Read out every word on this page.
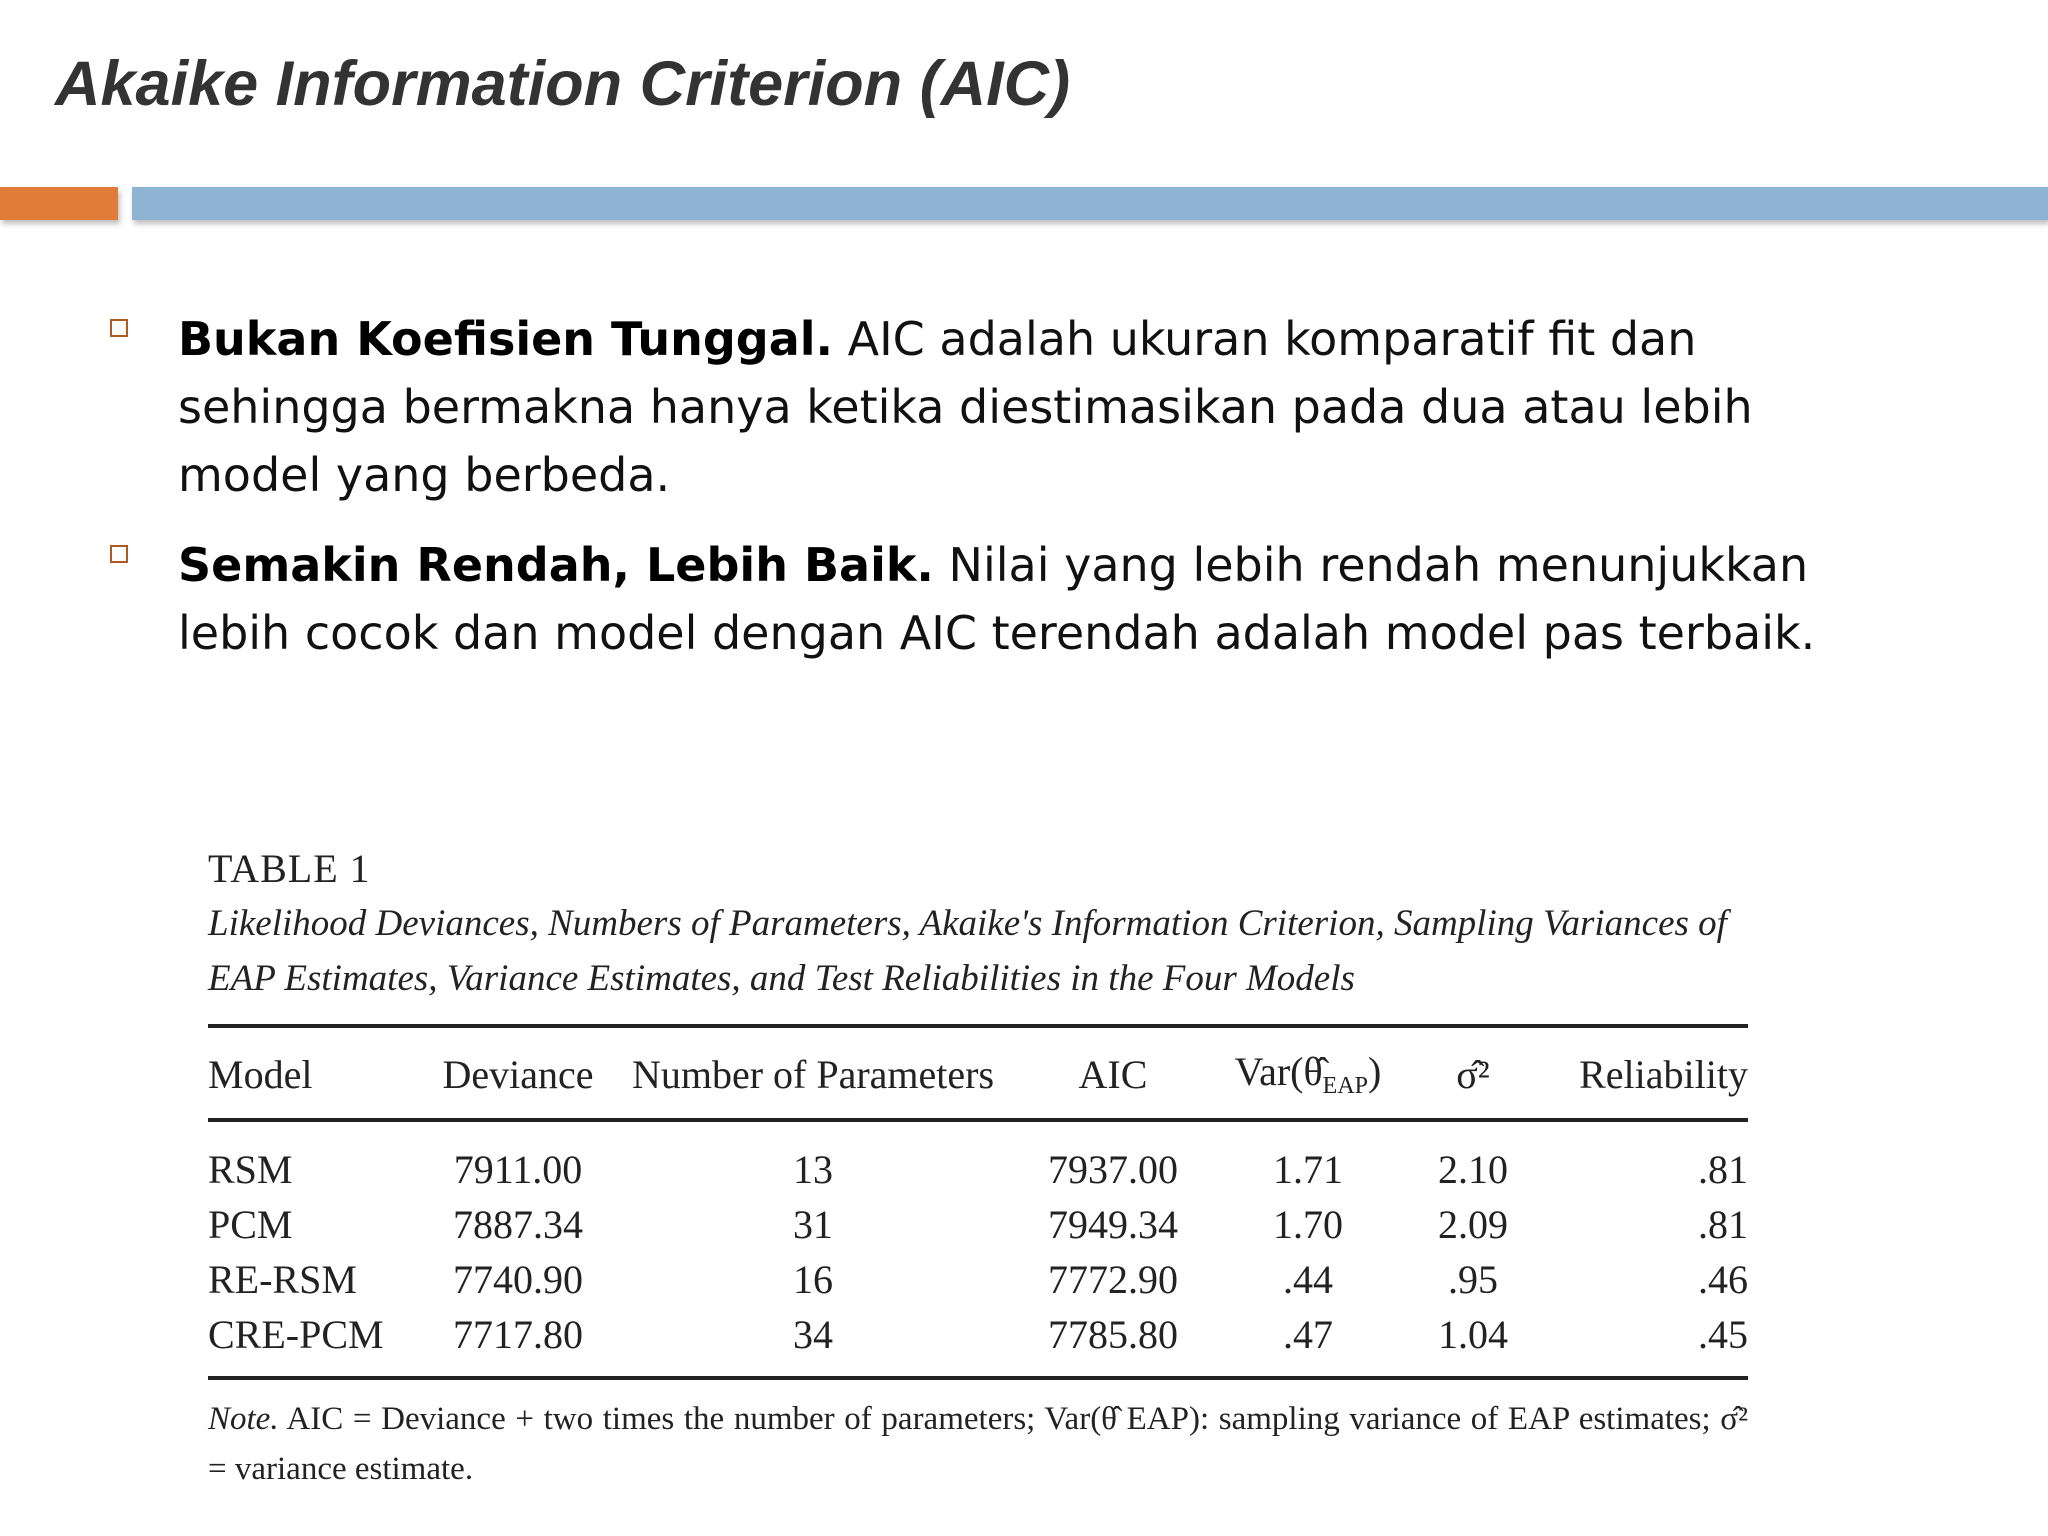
Akaike Information Criterion (AIC)
Bukan Koefisien Tunggal. AIC adalah ukuran komparatif fit dan sehingga bermakna hanya ketika diestimasikan pada dua atau lebih model yang berbeda.
Semakin Rendah, Lebih Baik. Nilai yang lebih rendah menunjukkan lebih cocok dan model dengan AIC terendah adalah model pas terbaik.
TABLE 1
Likelihood Deviances, Numbers of Parameters, Akaike's Information Criterion, Sampling Variances of EAP Estimates, Variance Estimates, and Test Reliabilities in the Four Models
Model	Deviance	Number of Parameters	AIC	$Var(\thetâ_{EAP})$	σ̂²	Reliability
RSM	7911.00	13	7937.00	1.71	2.10	.81
PCM	7887.34	31	7949.34	1.70	2.09	.81
RE-RSM	7740.90	16	7772.90	.44	.95	.46
CRE-PCM	7717.80	34	7785.80	.47	1.04	.45
Note. AIC = Deviance + two times the number of parameters; Var(θ̂ EAP): sampling variance of EAP estimates; σ̂² = variance estimate.
